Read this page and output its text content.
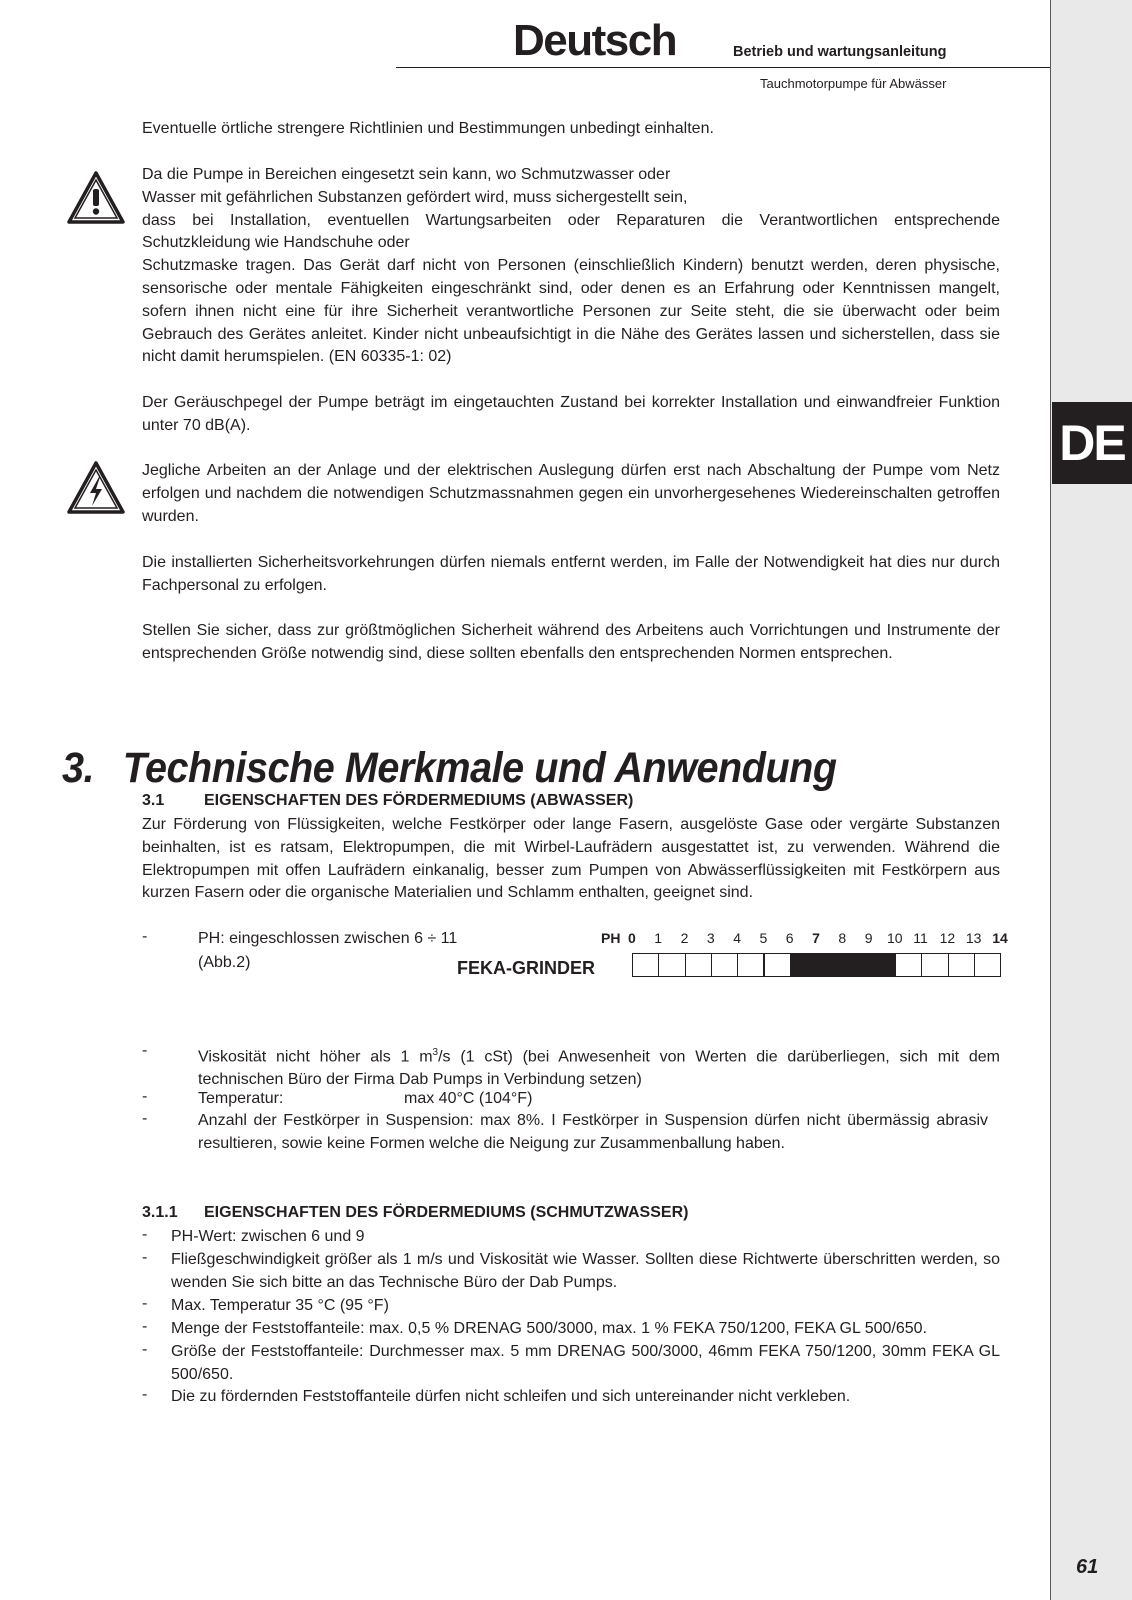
DE
61
Deutsch	Betrieb und wartungsanleitung
Tauchmotorpumpe für Abwässer
Eventuelle örtliche strengere Richtlinien und Bestimmungen unbedingt einhalten.

Da die Pumpe in Bereichen eingesetzt sein kann, wo Schmutzwasser oder

Wasser mit gefährlichen Substanzen gefördert wird, muss sichergestellt sein,

dass bei Installation, eventuellen Wartungsarbeiten oder Reparaturen die Verantwortlichen entsprechende Schutzkleidung wie Handschuhe oder

Schutzmaske tragen. Das Gerät darf nicht von Personen (einschließlich Kindern) benutzt werden, deren physische, sensorische oder mentale Fähigkeiten eingeschränkt sind, oder denen es an Erfahrung oder Kenntnissen mangelt, sofern ihnen nicht eine für ihre Sicherheit verantwortliche Personen zur Seite steht, die sie überwacht oder beim Gebrauch des Gerätes anleitet. Kinder nicht unbeaufsichtigt in die Nähe des Gerätes lassen und sicherstellen, dass sie nicht damit herumspielen. (EN 60335-1: 02)

Der Geräuschpegel der Pumpe beträgt im eingetauchten Zustand bei korrekter Installation und einwandfreier Funktion unter 70 dB(A).
Jegliche Arbeiten an der Anlage und der elektrischen Auslegung dürfen erst nach Abschaltung der Pumpe vom Netz erfolgen und nachdem die notwendigen Schutzmassnahmen gegen ein unvorhergesehenes Wiedereinschalten getroffen wurden.
Die installierten Sicherheitsvorkehrungen dürfen niemals entfernt werden, im Falle der Notwendigkeit hat dies nur durch Fachpersonal zu erfolgen.
Stellen Sie sicher, dass zur größtmöglichen Sicherheit während des Arbeitens auch Vorrichtungen und Instrumente der entsprechenden Größe notwendig sind, diese sollten ebenfalls den entsprechenden Normen entsprechen.
3. Technische Merkmale und Anwendung
3.1 EIGENSCHAFTEN DES FÖRDERMEDIUMS (ABWASSER)
Zur Förderung von Flüssigkeiten, welche Festkörper oder lange Fasern, ausgelöste Gase oder vergärte Substanzen beinhalten, ist es ratsam, Elektropumpen, die mit Wirbel-Laufrädern ausgestattet ist, zu verwenden. Während die Elektropumpen mit offen Laufrädern einkanalig, besser zum Pumpen von Abwässerflüssigkeiten mit Festkörpern aus kurzen Fasern oder die organische Materialien und Schlamm enthalten, geeignet sind.
-	PH: eingeschlossen zwischen 6 ÷ 11
(Abb.2)
PH 0 1 2 3 4 5 6 7 8 9 10 11 12 13 14
FEKA-GRINDER
-	Viskosität nicht höher als 1 $m^3/s$ (1 cSt) (bei Anwesenheit von Werten die darüberliegen, sich mit dem technischen Büro der Firma Dab Pumps in Verbindung setzen)
-	Temperatur:	max 40°C (104°F)
-	Anzahl der Festkörper in Suspension: max 8%. I Festkörper in Suspension dürfen nicht übermässig abrasiv resultieren, sowie keine Formen welche die Neigung zur Zusammenballung haben.
3.1.1 EIGENSCHAFTEN DES FÖRDERMEDIUMS (SCHMUTZWASSER)
- PH-Wert: zwischen 6 und 9
- Fließgeschwindigkeit größer als 1 m/s und Viskosität wie Wasser. Sollten diese Richtwerte überschritten werden, so wenden Sie sich bitte an das Technische Büro der Dab Pumps.
- Max. Temperatur 35 °C (95 °F)
- Menge der Feststoffanteile: max. 0,5 % DRENAG 500/3000, max. 1 % FEKA 750/1200, FEKA GL 500/650.
- Größe der Feststoffanteile: Durchmesser max. 5 mm DRENAG 500/3000, 46mm FEKA 750/1200, 30mm FEKA GL 500/650.
- Die zu fördernden Feststoffanteile dürfen nicht schleifen und sich untereinander nicht verkleben.
